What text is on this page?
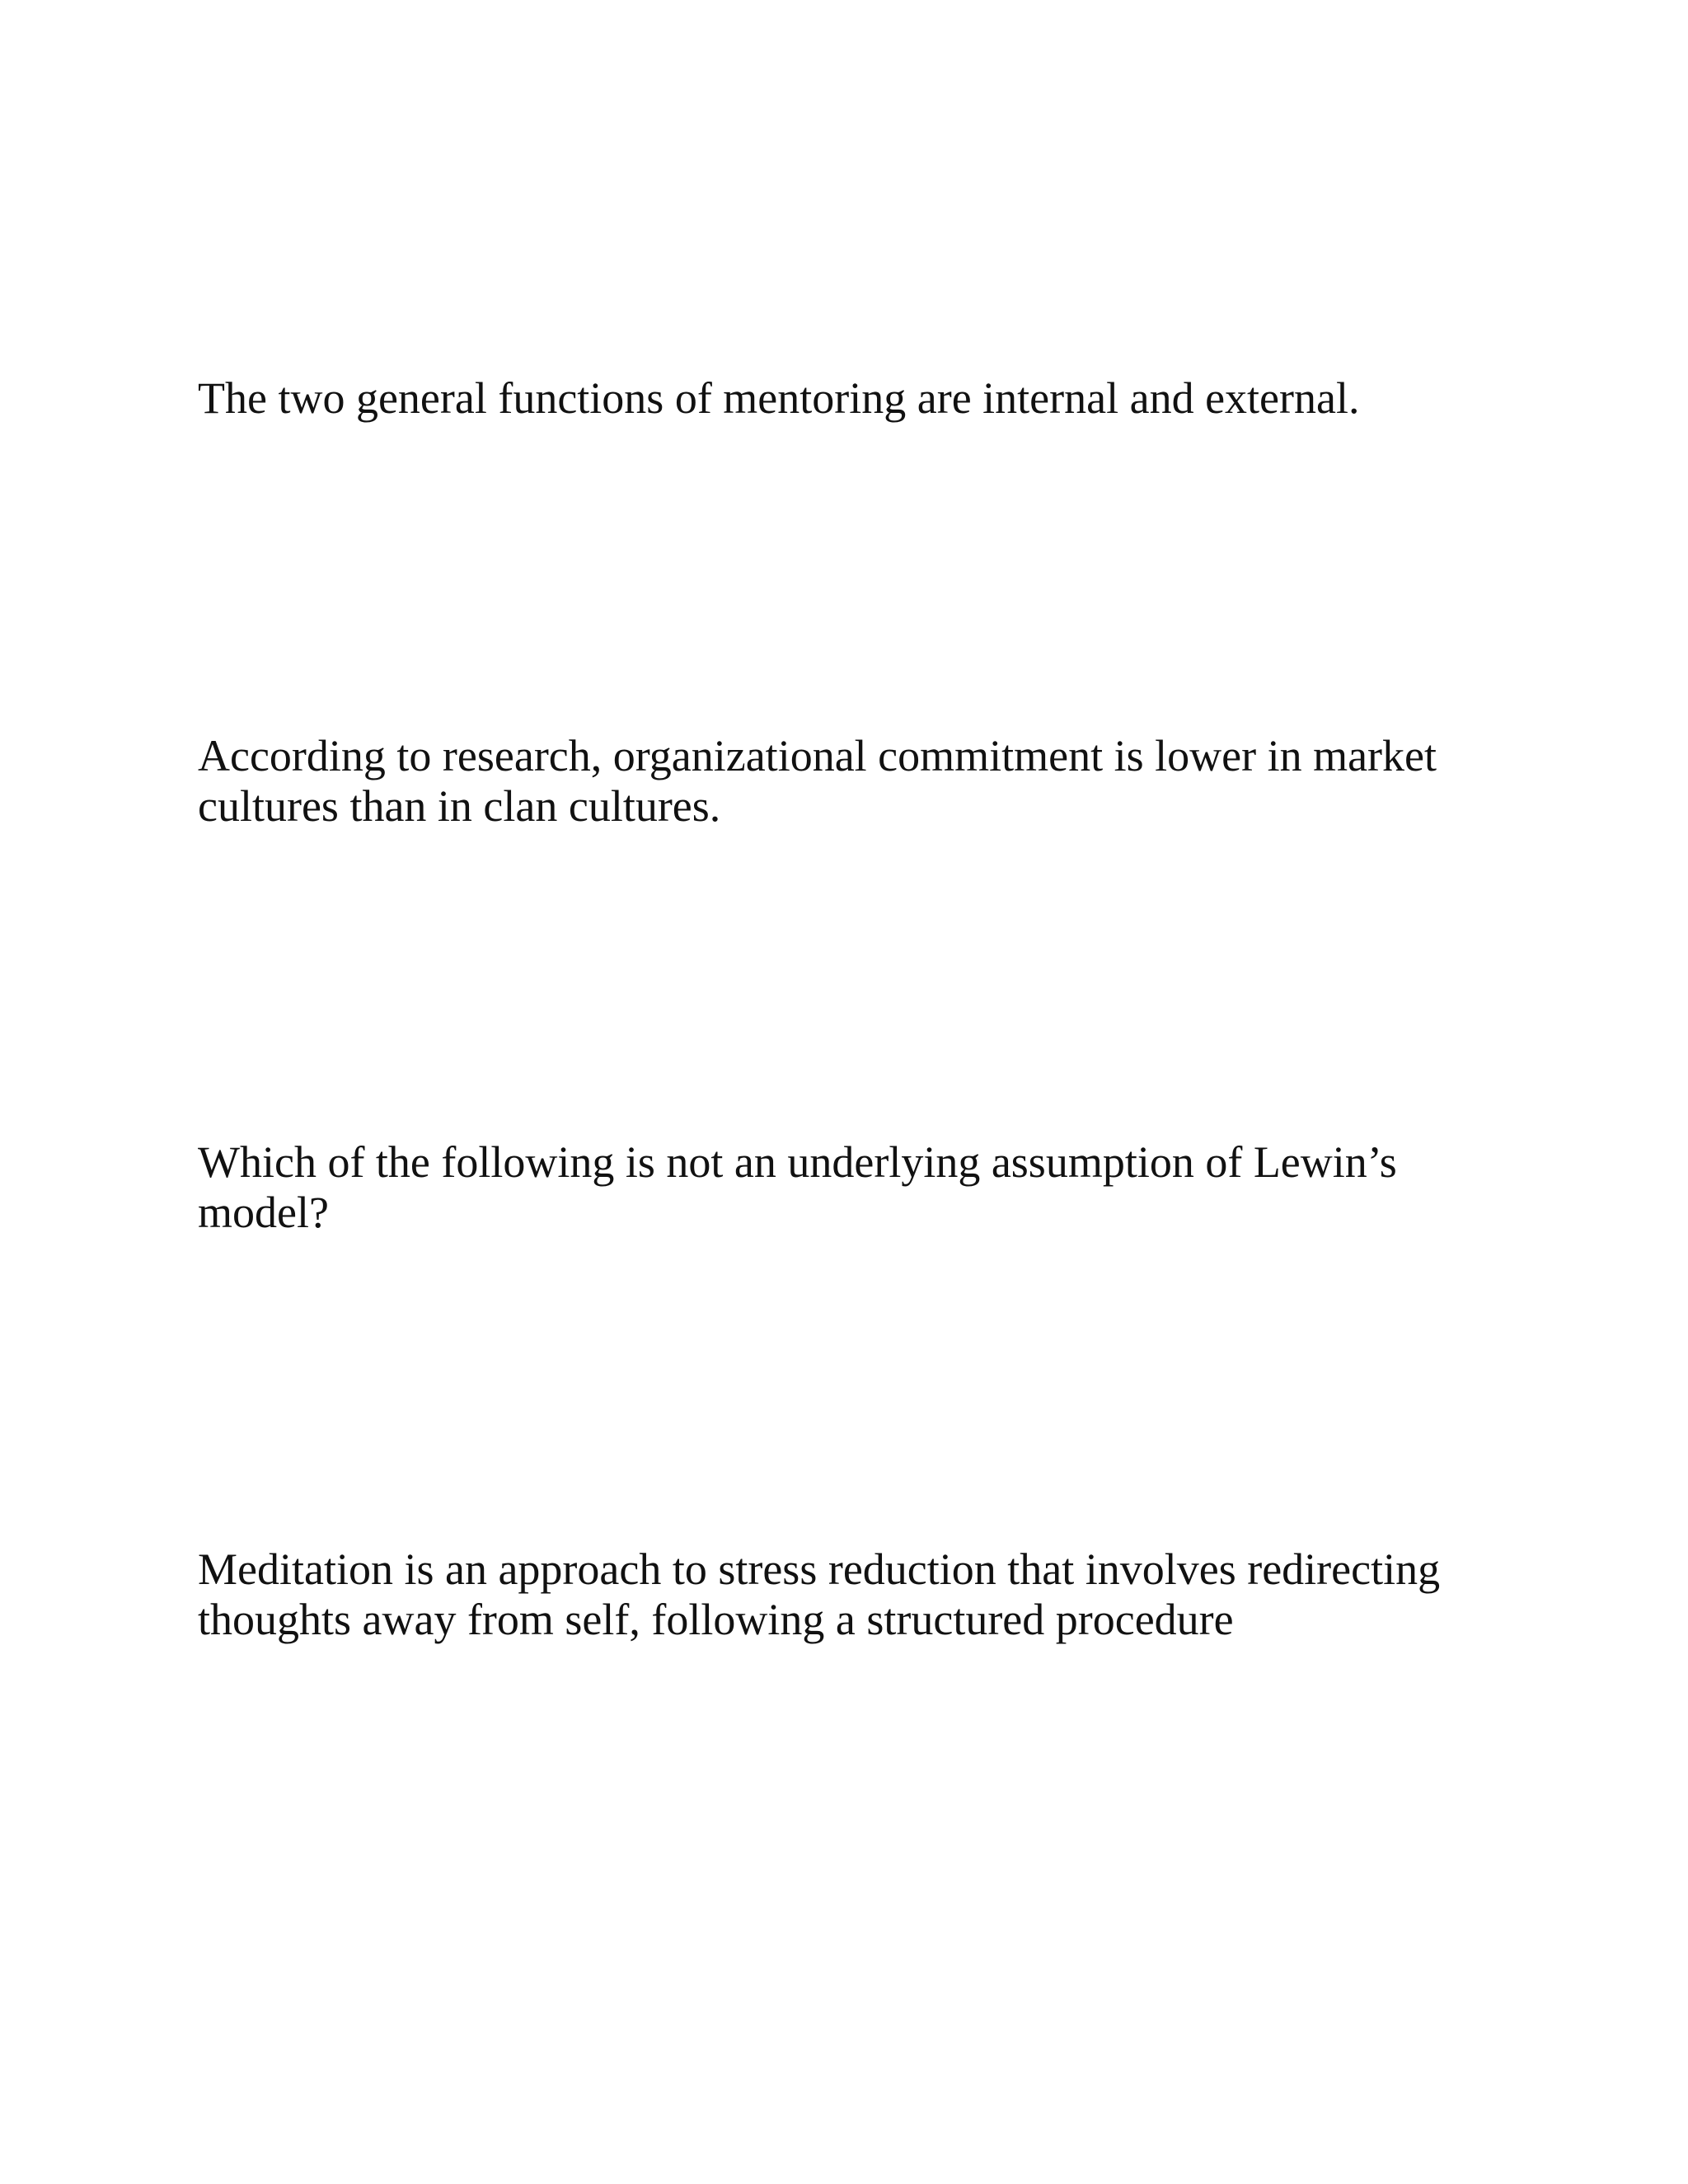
The two general functions of mentoring are internal and external.

According to research, organizational commitment is lower in market cultures than in clan cultures.

Which of the following is not an underlying assumption of Lewin’s model?

Meditation is an approach to stress reduction that involves redirecting thoughts away from self, following a structured procedure
